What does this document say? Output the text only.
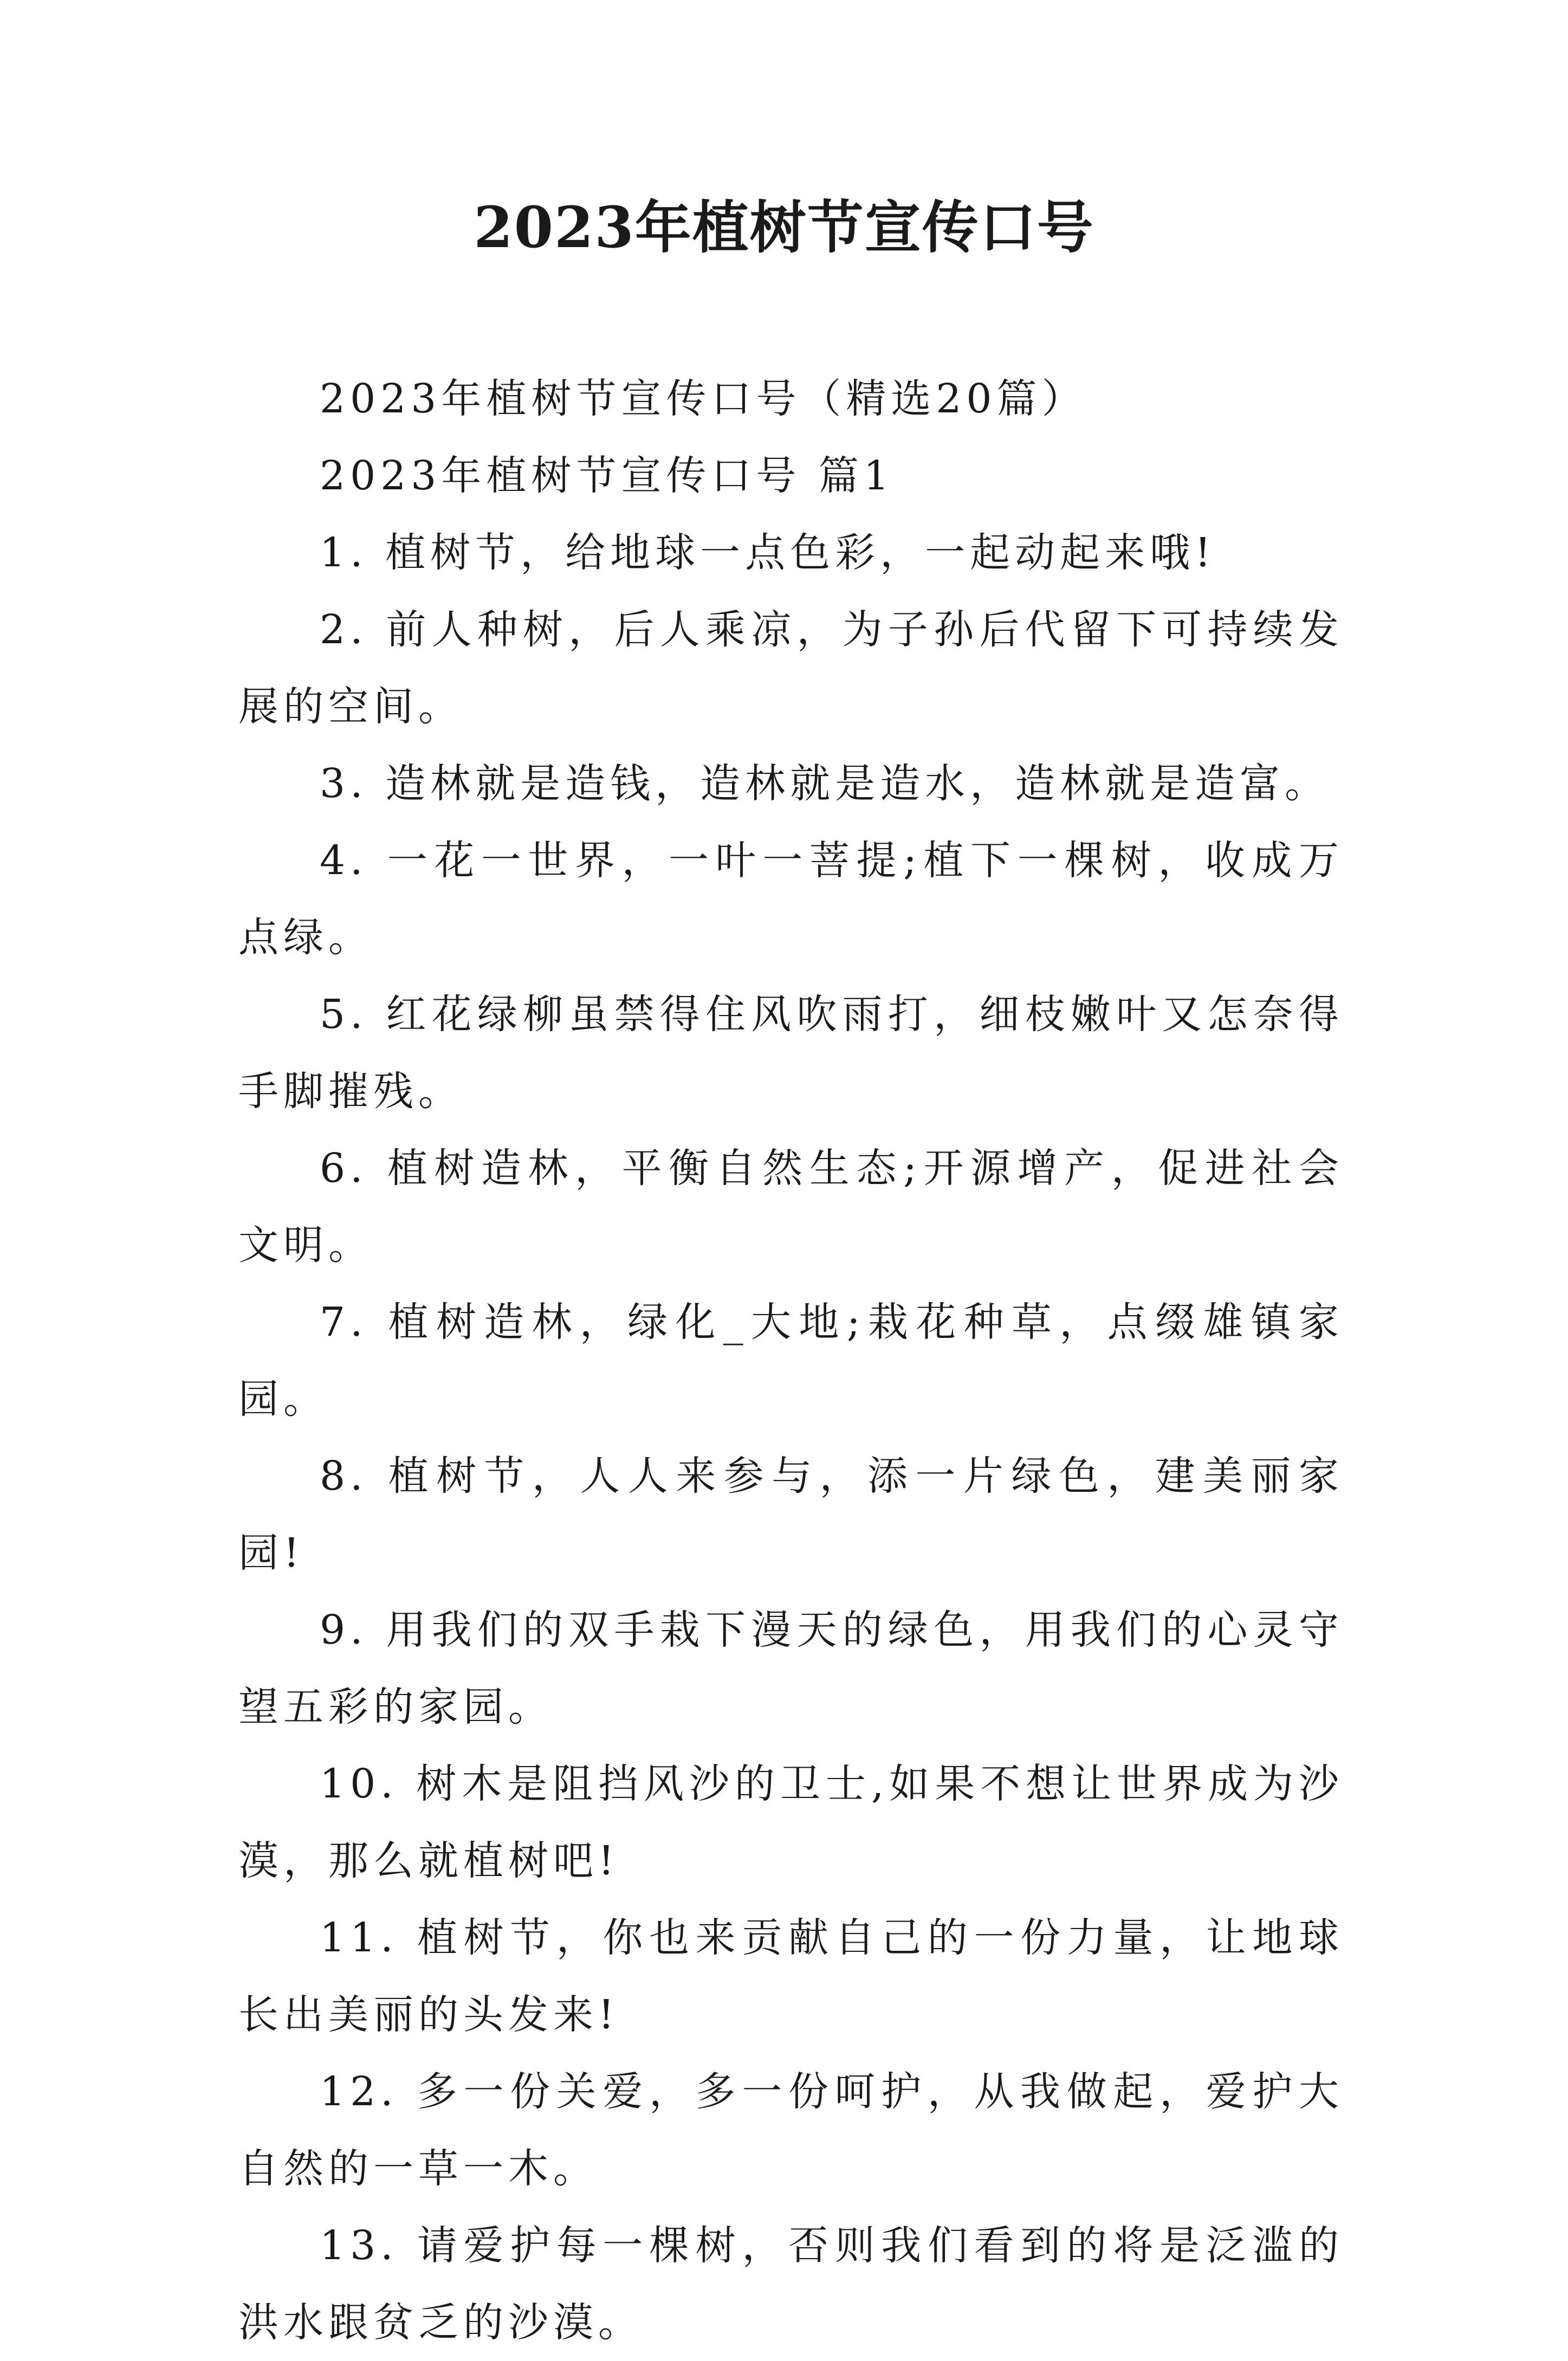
2023年植树节宣传口号

2023年植树节宣传口号（精选20篇）

2023年植树节宣传口号 篇1

1. 植树节，给地球一点色彩，一起动起来哦!

2. 前人种树，后人乘凉，为子孙后代留下可持续发展的空间。

3. 造林就是造钱，造林就是造水，造林就是造富。

4. 一花一世界，一叶一菩提;植下一棵树，收成万点绿。

5. 红花绿柳虽禁得住风吹雨打，细枝嫩叶又怎奈得手脚摧残。

6. 植树造林，平衡自然生态;开源增产，促进社会文明。

7. 植树造林，绿化_大地;栽花种草，点缀雄镇家园。

8. 植树节，人人来参与，添一片绿色，建美丽家园!

9. 用我们的双手栽下漫天的绿色，用我们的心灵守望五彩的家园。

10. 树木是阻挡风沙的卫士,如果不想让世界成为沙漠，那么就植树吧!

11. 植树节，你也来贡献自己的一份力量，让地球长出美丽的头发来!

12. 多一份关爱，多一份呵护，从我做起，爱护大自然的一草一木。

13. 请爱护每一棵树，否则我们看到的将是泛滥的洪水跟贫乏的沙漠。
